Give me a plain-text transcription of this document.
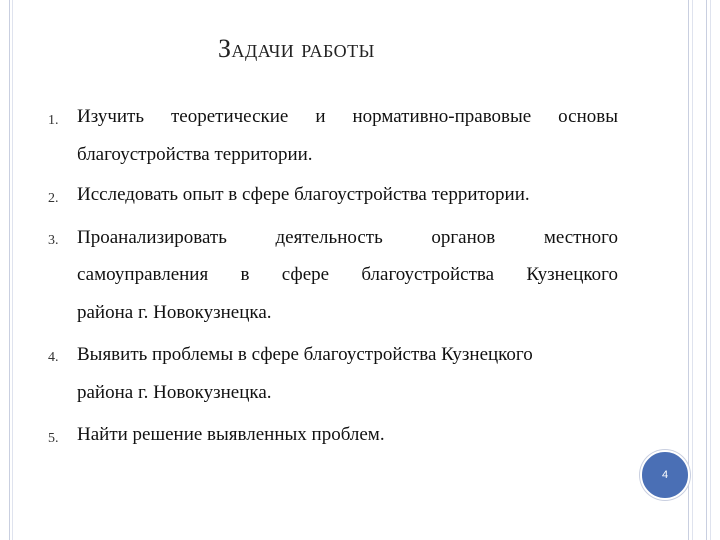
Задачи работы
1. Изучить теоретические и нормативно-правовые основы
благоустройства территории.
2. Исследовать опыт в сфере благоустройства территории.
3. Проанализировать	деятельность	органов	местного
самоуправления в сфере благоустройства Кузнецкого
района г. Новокузнецка.
4. Выявить проблемы в сфере благоустройства Кузнецкого
района г. Новокузнецка.
5. Найти решение выявленных проблем.
4
